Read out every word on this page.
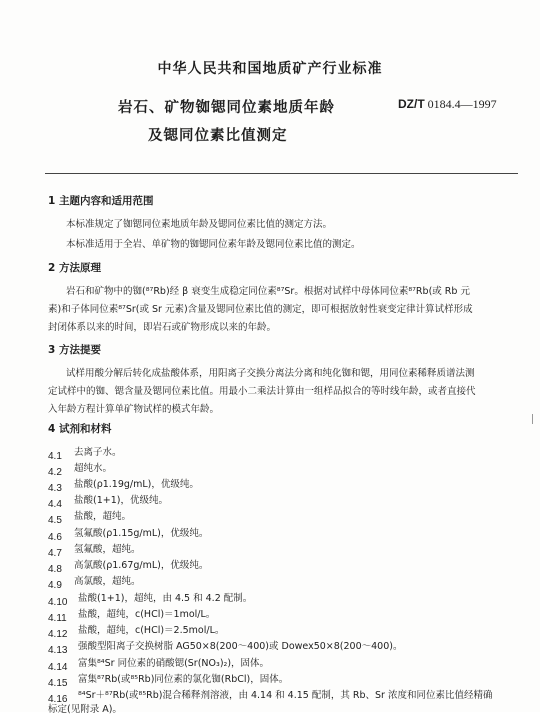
中华人民共和国地质矿产行业标准
DZ/T 0184.4—1997
岩石、矿物铷锶同位素地质年龄
及锶同位素比值测定
1 主题内容和适用范围
本标准规定了铷锶同位素地质年龄及锶同位素比值的测定方法。
本标准适用于全岩、单矿物的铷锶同位素年龄及锶同位素比值的测定。
2 方法原理
岩石和矿物中的铷(⁸⁷Rb)经 β 衰变生成稳定同位素⁸⁷Sr。根据对试样中母体同位素⁸⁷Rb(或 Rb 元
素)和子体同位素⁸⁷Sr(或 Sr 元素)含量及锶同位素比值的测定，即可根据放射性衰变定律计算试样形成
封闭体系以来的时间，即岩石或矿物形成以来的年龄。
3 方法提要
试样用酸分解后转化成盐酸体系，用阳离子交换分离法分离和纯化铷和锶，用同位素稀释质谱法测
定试样中的铷、锶含量及锶同位素比值。用最小二乘法计算由一组样品拟合的等时线年龄，或者直接代
入年龄方程计算单矿物试样的模式年龄。
4 试剂和材料
4.1 去离子水。
4.2 超纯水。
4.3 盐酸(ρ1.19g/mL)，优级纯。
4.4 盐酸(1+1)，优级纯。
4.5 盐酸，超纯。
4.6 氢氟酸(ρ1.15g/mL)，优级纯。
4.7 氢氟酸，超纯。
4.8 高氯酸(ρ1.67g/mL)，优级纯。
4.9 高氯酸，超纯。
4.10 盐酸(1+1)，超纯，由 4.5 和 4.2 配制。
4.11 盐酸，超纯，c(HCl)＝1mol/L。
4.12 盐酸，超纯，c(HCl)＝2.5mol/L。
4.13 强酸型阳离子交换树脂 AG50×8(200～400)或 Dowex50×8(200～400)。
4.14 富集⁸⁴Sr 同位素的硝酸锶(Sr(NO₃)₂)，固体。
4.15 富集⁸⁷Rb(或⁸⁵Rb)同位素的氯化铷(RbCl)，固体。
4.16 ⁸⁴Sr＋⁸⁷Rb(或⁸⁵Rb)混合稀释剂溶液，由 4.14 和 4.15 配制，其 Rb、Sr 浓度和同位素比值经精确
标定(见附录 A)。
